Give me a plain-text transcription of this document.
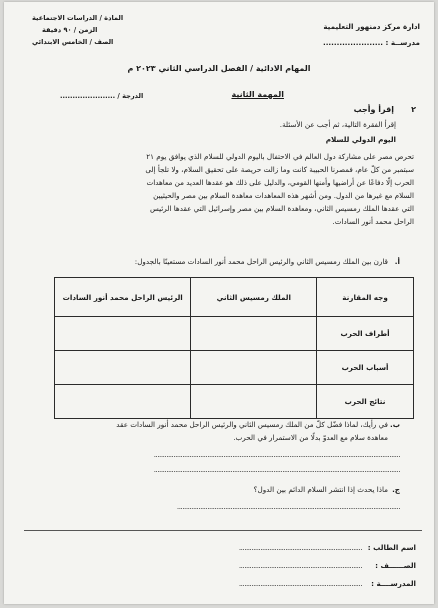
ادارة مركز دمنهور التعليمية
مدرســة : ......................
المادة / الدراسات الاجتماعية
الزمن / ٩٠ دقيقة
الصف / الخامس الابتدائي
المهام الادائية / الفصل الدراسي الثاني ٢٠٢٣ م
المهمة الثانية
الدرجة / ......................
٢
إقرأ وأجب
إقرأ الفقرة التالية، ثم أجب عن الأسئلة.
اليوم الدولي للسلام
تحرص مصر على مشاركة دول العالم في الاحتفال باليوم الدولي للسلام الذي يوافق يوم ٢١
سبتمبر من كلّ عام، فمصرنا الحبيبة كانت وما زالت حريصة على تحقيق السلام، ولا تلجأ إلى
الحرب إلّا دفاعًا عن أراضيها وأمنها القومي، والدليل على ذلك هو عقدها العديد من معاهدات
السلام مع غيرها من الدول. ومن أشهر هذه المعاهدات معاهدة السلام بين مصر والحيثيين
التي عقدها الملك رمسيس الثاني، ومعاهدة السلام بين مصر وإسرائيل التي عقدها الرئيس
الراحل محمد أنور السادات.
أ.
قارن بين الملك رمسيس الثاني والرئيس الراحل محمد أنور السادات مستعينًا بالجدول:
وجه المقارنة	الملك رمسيس الثاني	الرئيس الراحل محمد أنور السادات
أطراف الحرب		
أسباب الحرب		
نتائج الحرب		
ب.
في رأيك، لماذا فضّل كلّ من الملك رمسيس الثاني والرئيس الراحل محمد أنور السادات عقد
معاهدة سلام مع العدوّ بدلًا من الاستمرار في الحرب.
..........................................................................................................................................
..........................................................................................................................................
ج.
ماذا يحدث إذا انتشر السلام الدائم بين الدول؟
.............................................................................................................................
اسم الطالب :
.....................................................................
الصــــــف :
.....................................................................
المدرســــة :
.....................................................................
